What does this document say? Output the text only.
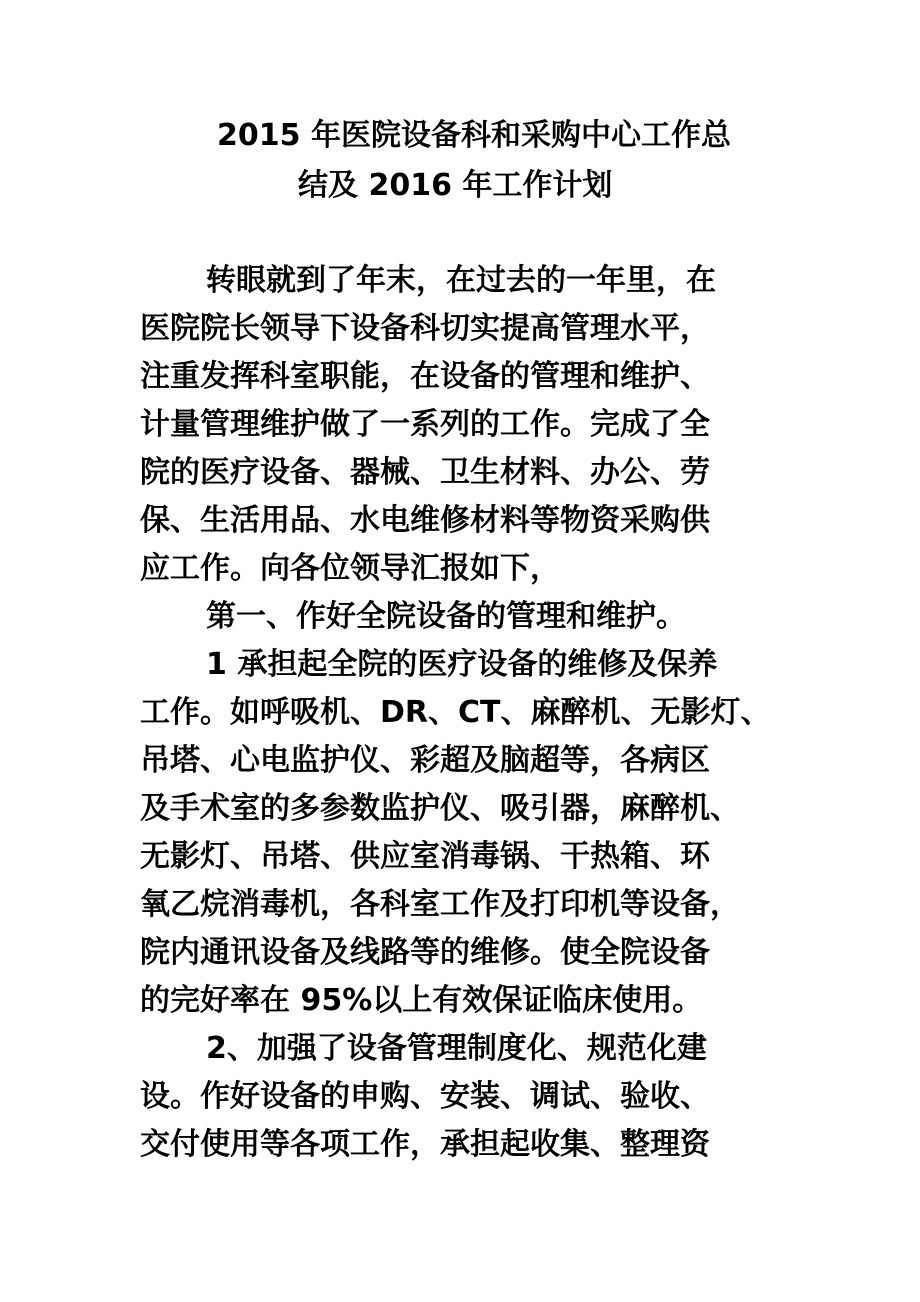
2015 年医院设备科和采购中心工作总
结及 2016 年工作计划
转眼就到了年末，在过去的一年里，在
医院院长领导下设备科切实提高管理水平，
注重发挥科室职能，在设备的管理和维护、
计量管理维护做了一系列的工作。完成了全
院的医疗设备、器械、卫生材料、办公、劳
保、生活用品、水电维修材料等物资采购供
应工作。向各位领导汇报如下，
第一、作好全院设备的管理和维护。
1 承担起全院的医疗设备的维修及保养
工作。如呼吸机、DR、CT、麻醉机、无影灯、
吊塔、心电监护仪、彩超及脑超等，各病区
及手术室的多参数监护仪、吸引器，麻醉机、
无影灯、吊塔、供应室消毒锅、干热箱、环
氧乙烷消毒机，各科室工作及打印机等设备，
院内通讯设备及线路等的维修。使全院设备
的完好率在 95%以上有效保证临床使用。
2、加强了设备管理制度化、规范化建
设。作好设备的申购、安装、调试、验收、
交付使用等各项工作，承担起收集、整理资
